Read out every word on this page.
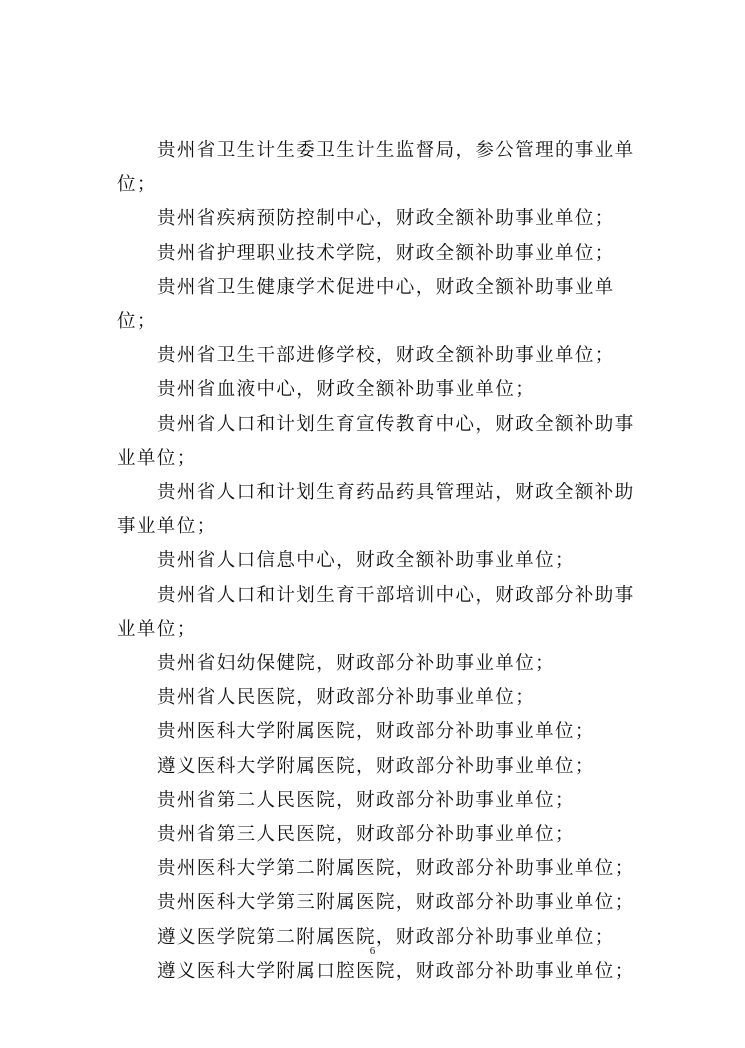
贵州省卫生计生委卫生计生监督局，参公管理的事业单位；

贵州省疾病预防控制中心，财政全额补助事业单位；

贵州省护理职业技术学院，财政全额补助事业单位；

贵州省卫生健康学术促进中心，财政全额补助事业单位；

贵州省卫生干部进修学校，财政全额补助事业单位；

贵州省血液中心，财政全额补助事业单位；

贵州省人口和计划生育宣传教育中心，财政全额补助事业单位；

贵州省人口和计划生育药品药具管理站，财政全额补助事业单位；

贵州省人口信息中心，财政全额补助事业单位；

贵州省人口和计划生育干部培训中心，财政部分补助事业单位；

贵州省妇幼保健院，财政部分补助事业单位；

贵州省人民医院，财政部分补助事业单位；

贵州医科大学附属医院，财政部分补助事业单位；

遵义医科大学附属医院，财政部分补助事业单位；

贵州省第二人民医院，财政部分补助事业单位；

贵州省第三人民医院，财政部分补助事业单位；

贵州医科大学第二附属医院，财政部分补助事业单位；

贵州医科大学第三附属医院，财政部分补助事业单位；

遵义医学院第二附属医院，财政部分补助事业单位；

遵义医科大学附属口腔医院，财政部分补助事业单位；

6
